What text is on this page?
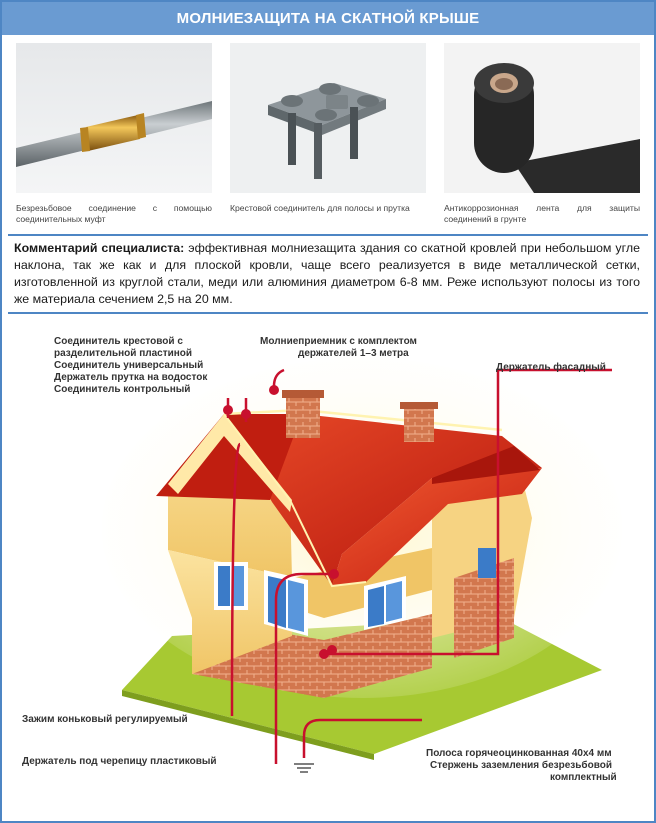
МОЛНИЕЗАЩИТА НА СКАТНОЙ КРЫШЕ
Безрезьбовое соединение с помощью соединительных муфт
Крестовой соединитель для полосы и прутка	Антикоррозионная лента для защиты соединений в грунте
Комментарий специалиста: эффективная молниезащита здания со скатной кровлей при небольшом угле наклона, так же как и для плоской кровли, чаще всего реализуется в виде металлической сетки, изготовленной из круглой стали, меди или алюминия диаметром 6-8 мм. Реже используют полосы из того же материала сечением 2,5 на 20 мм.
Соединитель крестовой с
разделительной пластиной
Соединитель универсальный
Держатель прутка на водосток
Соединитель контрольный
Молниеприемник с комплектом
держателей 1–3 метра
Держатель фасадный
Зажим коньковый регулируемый
Держатель под черепицу пластиковый
Полоса горячеоцинкованная 40х4 мм
Стержень заземления безрезьбовой
комплектный
